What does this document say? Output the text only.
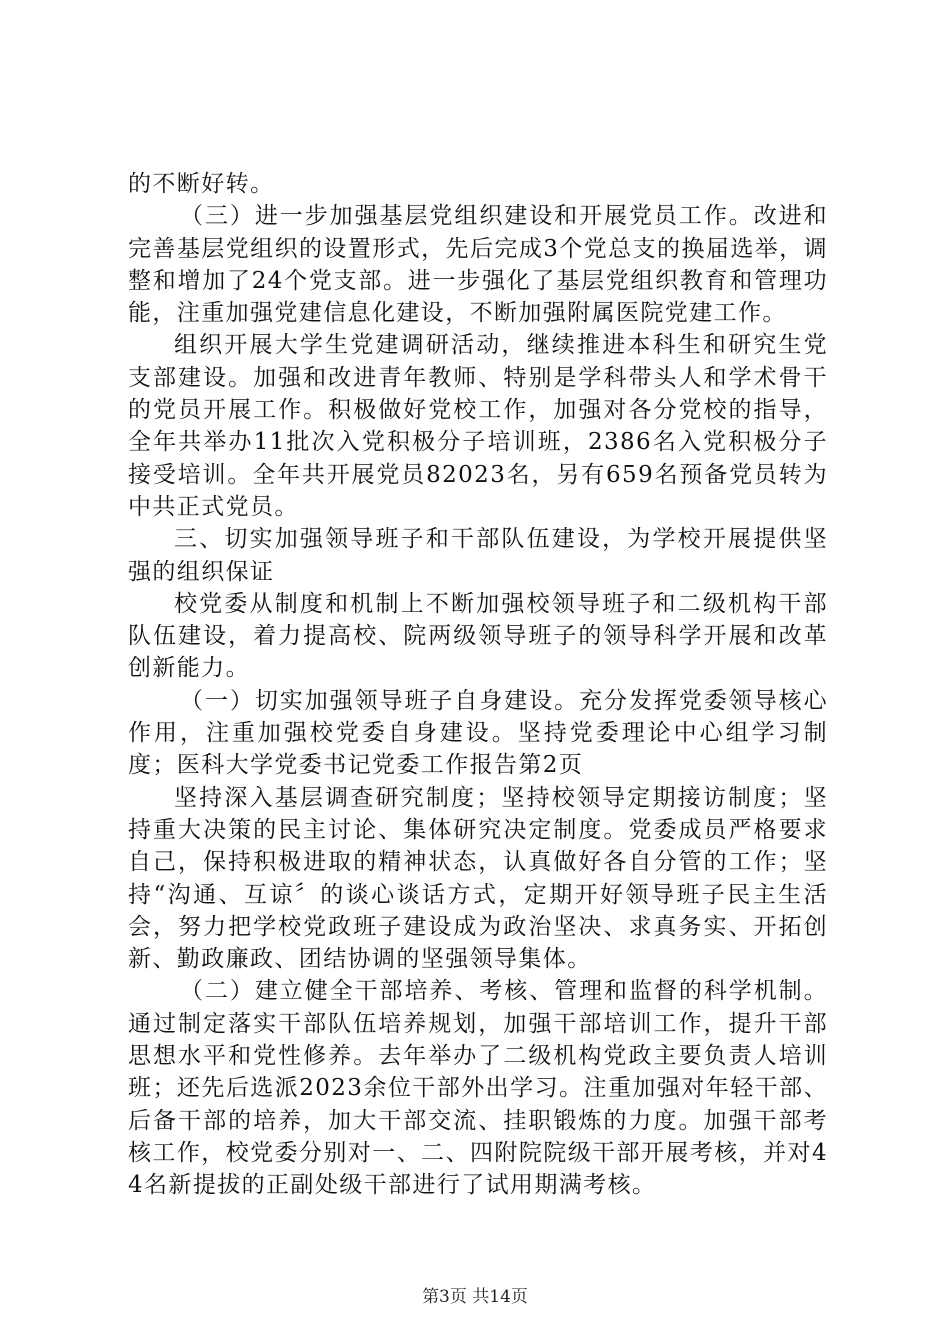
的不断好转。

（三）进一步加强基层党组织建设和开展党员工作。改进和完善基层党组织的设置形式，先后完成3个党总支的换届选举，调整和增加了24个党支部。进一步强化了基层党组织教育和管理功能，注重加强党建信息化建设，不断加强附属医院党建工作。

组织开展大学生党建调研活动，继续推进本科生和研究生党支部建设。加强和改进青年教师、特别是学科带头人和学术骨干的党员开展工作。积极做好党校工作，加强对各分党校的指导，全年共举办11批次入党积极分子培训班，2386名入党积极分子接受培训。全年共开展党员82023名，另有659名预备党员转为中共正式党员。

三、切实加强领导班子和干部队伍建设，为学校开展提供坚强的组织保证

校党委从制度和机制上不断加强校领导班子和二级机构干部队伍建设，着力提高校、院两级领导班子的领导科学开展和改革创新能力。

（一）切实加强领导班子自身建设。充分发挥党委领导核心作用，注重加强校党委自身建设。坚持党委理论中心组学习制度；医科大学党委书记党委工作报告第2页

坚持深入基层调查研究制度；坚持校领导定期接访制度；坚持重大决策的民主讨论、集体研究决定制度。党委成员严格要求自己，保持积极进取的精神状态，认真做好各自分管的工作；坚持“沟通、互谅〞的谈心谈话方式，定期开好领导班子民主生活会，努力把学校党政班子建设成为政治坚决、求真务实、开拓创新、勤政廉政、团结协调的坚强领导集体。

（二）建立健全干部培养、考核、管理和监督的科学机制。通过制定落实干部队伍培养规划，加强干部培训工作，提升干部思想水平和党性修养。去年举办了二级机构党政主要负责人培训班；还先后选派2023余位干部外出学习。注重加强对年轻干部、后备干部的培养，加大干部交流、挂职锻炼的力度。加强干部考核工作，校党委分别对一、二、四附院院级干部开展考核，并对44名新提拔的正副处级干部进行了试用期满考核。

第3页 共14页
